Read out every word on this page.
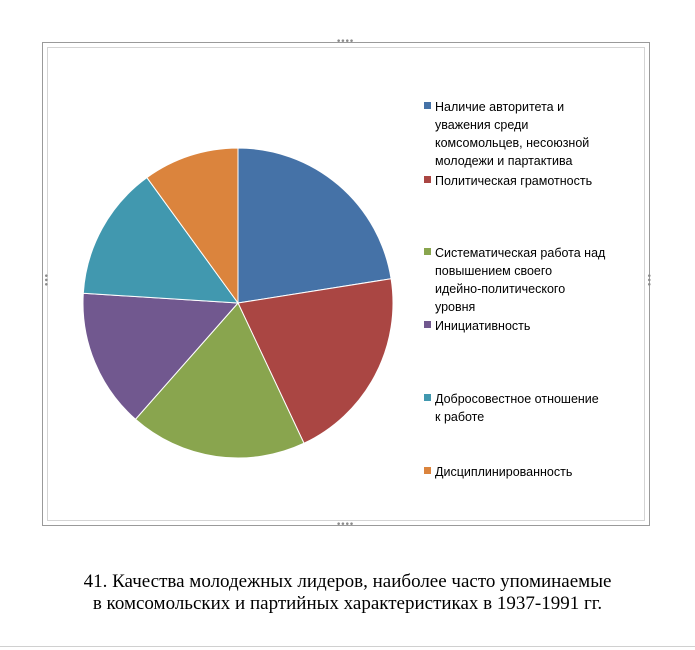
••••
••••
•••	•••
Наличие авторитета и
уважения среди
комсомольцев, несоюзной
молодежи и партактива
Политическая грамотность
Систематическая работа над
повышением своего
идейно-политического
уровня
Инициативность
Добросовестное отношение
к работе
Дисциплинированность
41. Качества молодежных лидеров, наиболее часто упоминаемые
в комсомольских и партийных характеристиках в 1937-1991 гг.
